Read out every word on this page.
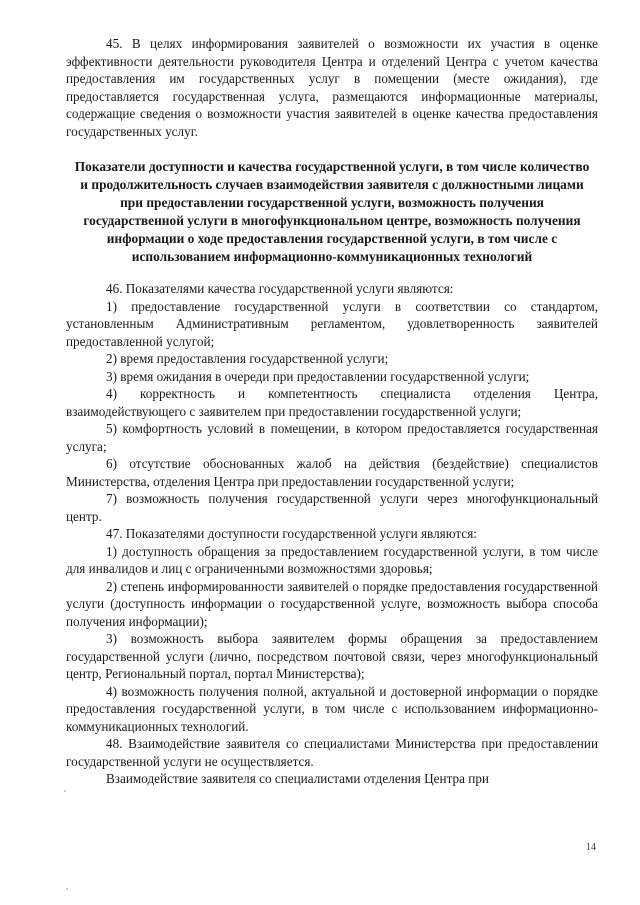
45. В целях информирования заявителей о возможности их участия в оценке эффективности деятельности руководителя Центра и отделений Центра с учетом качества предоставления им государственных услуг в помещении (месте ожидания), где предоставляется государственная услуга, размещаются информационные материалы, содержащие сведения о возможности участия заявителей в оценке качества предоставления государственных услуг.

Показатели доступности и качества государственной услуги, в том числе количество и продолжительность случаев взаимодействия заявителя с должностными лицами при предоставлении государственной услуги, возможность получения государственной услуги в многофункциональном центре, возможность получения информации о ходе предоставления государственной услуги, в том числе с использованием информационно-коммуникационных технологий

46. Показателями качества государственной услуги являются:

1) предоставление государственной услуги в соответствии со стандартом, установленным Административным регламентом, удовлетворенность заявителей предоставленной услугой;

2) время предоставления государственной услуги;

3) время ожидания в очереди при предоставлении государственной услуги;

4) корректность и компетентность специалиста отделения Центра, взаимодействующего с заявителем при предоставлении государственной услуги;

5) комфортность условий в помещении, в котором предоставляется государственная услуга;

6) отсутствие обоснованных жалоб на действия (бездействие) специалистов Министерства, отделения Центра при предоставлении государственной услуги;

7) возможность получения государственной услуги через многофункциональный центр.

47. Показателями доступности государственной услуги являются:

1) доступность обращения за предоставлением государственной услуги, в том числе для инвалидов и лиц с ограниченными возможностями здоровья;

2) степень информированности заявителей о порядке предоставления государственной услуги (доступность информации о государственной услуге, возможность выбора способа получения информации);

3) возможность выбора заявителем формы обращения за предоставлением государственной услуги (лично, посредством почтовой связи, через многофункциональный центр, Региональный портал, портал Министерства);

4) возможность получения полной, актуальной и достоверной информации о порядке предоставления государственной услуги, в том числе с использованием информационно-коммуникационных технологий.

48. Взаимодействие заявителя со специалистами Министерства при предоставлении государственной услуги не осуществляется.

Взаимодействие заявителя со специалистами отделения Центра при

14
